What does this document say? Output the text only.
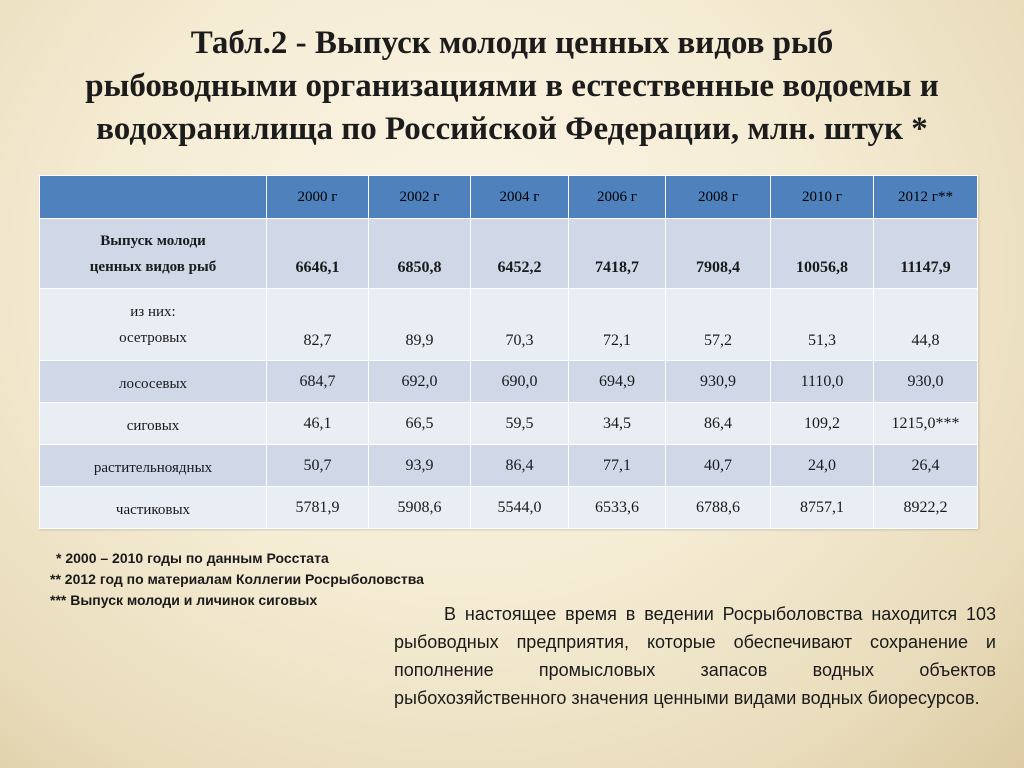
Табл.2 - Выпуск молоди ценных видов рыб
рыбоводными организациями в естественные водоемы и
водохранилища по Российской Федерации, млн. штук *
	2000 г	2002 г	2004 г	2006 г	2008 г	2010 г	2012 г**

Выпуск молоди
ценных видов рыб	6646,1	6850,8	6452,2	7418,7	7908,4	10056,8	11147,9

из них:
осетровых	82,7	89,9	70,3	72,1	57,2	51,3	44,8
лососевых	684,7	692,0	690,0	694,9	930,9	1110,0	930,0
сиговых	46,1	66,5	59,5	34,5	86,4	109,2	1215,0***
растительноядных	50,7	93,9	86,4	77,1	40,7	24,0	26,4
частиковых	5781,9	5908,6	5544,0	6533,6	6788,6	8757,1	8922,2
* 2000 – 2010 годы по данным Росстата
** 2012 год по материалам Коллегии Росрыболовства
*** Выпуск молоди и личинок сиговых
В настоящее время в ведении Росрыболовства находится 103 рыбоводных предприятия, которые обеспечивают сохранение и пополнение промысловых запасов водных объектов рыбохозяйственного значения ценными видами водных биоресурсов.
